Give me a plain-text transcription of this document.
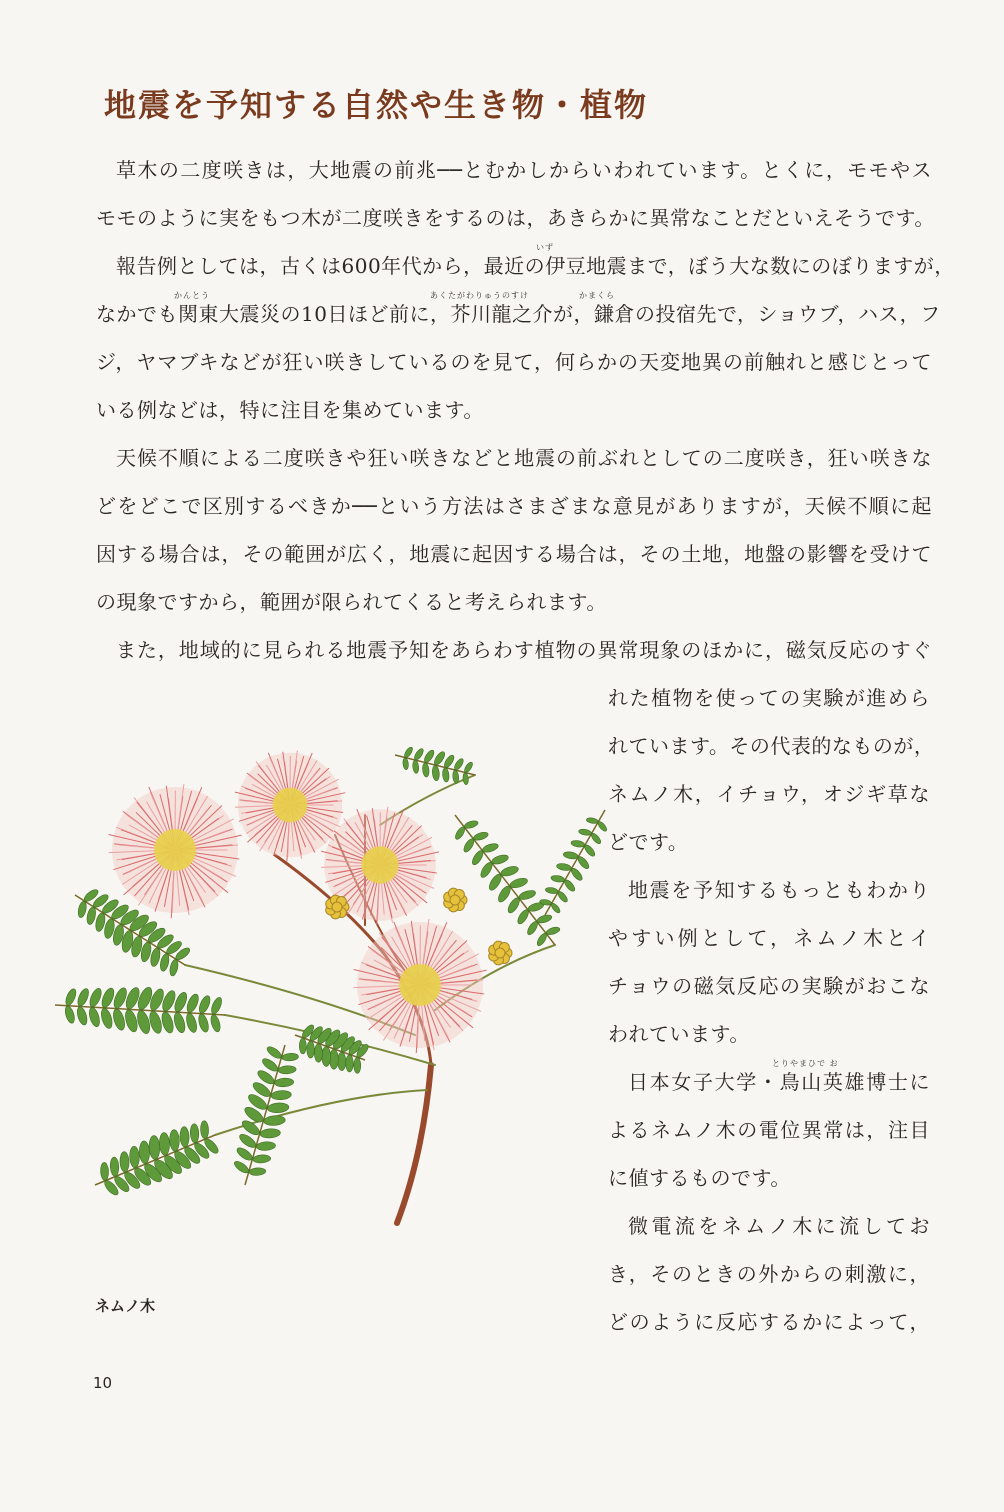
地震を予知する自然や生き物・植物

草木の二度咲きは，大地震の前兆──とむかしからいわれています。とくに，モモやス

モモのように実をもつ木が二度咲きをするのは，あきらかに異常なことだといえそうです。

報告例としては，古くは600年代から，最近の伊豆地震まで，ぼう大な数にのぼりますが，

なかでも関東大震災の10日ほど前に，芥川龍之介が，鎌倉の投宿先で，ショウブ，ハス，フ

ジ，ヤマブキなどが狂い咲きしているのを見て，何らかの天変地異の前触れと感じとって

いる例などは，特に注目を集めています。

天候不順による二度咲きや狂い咲きなどと地震の前ぶれとしての二度咲き，狂い咲きな

どをどこで区別するべきか──という方法はさまざまな意見がありますが，天候不順に起

因する場合は，その範囲が広く，地震に起因する場合は，その土地，地盤の影響を受けて

の現象ですから，範囲が限られてくると考えられます。

また，地域的に見られる地震予知をあらわす植物の異常現象のほかに，磁気反応のすぐ

れた植物を使っての実験が進めら

れています。その代表的なものが，

ネムノ木，イチョウ，オジギ草な

どです。

地震を予知するもっともわかり

やすい例として，ネムノ木とイ

チョウの磁気反応の実験がおこな

われています。

日本女子大学・鳥山英雄博士に

よるネムノ木の電位異常は，注目

に値するものです。

微電流をネムノ木に流してお

き，そのときの外からの刺激に，

どのように反応するかによって，

いず
かんとう	あくたがわりゅうのすけ	かまくら
とりやまひで お
ネムノ木
10
